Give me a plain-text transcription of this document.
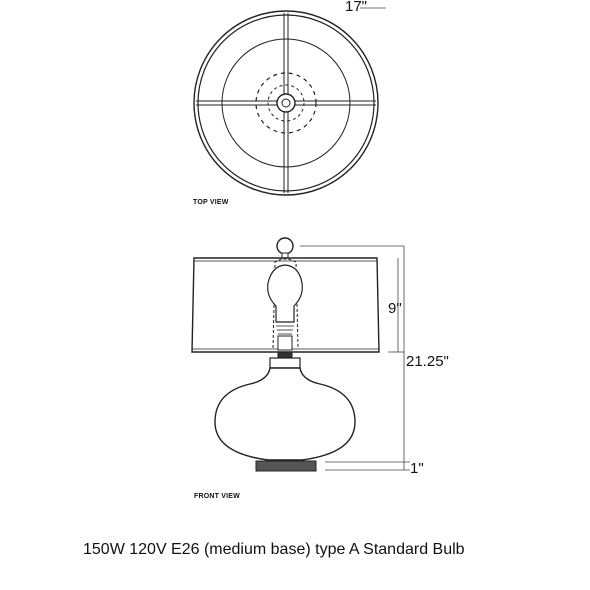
17"
TOP VIEW
9"
21.25"
1"
FRONT VIEW
150W 120V E26 (medium base) type A Standard Bulb
